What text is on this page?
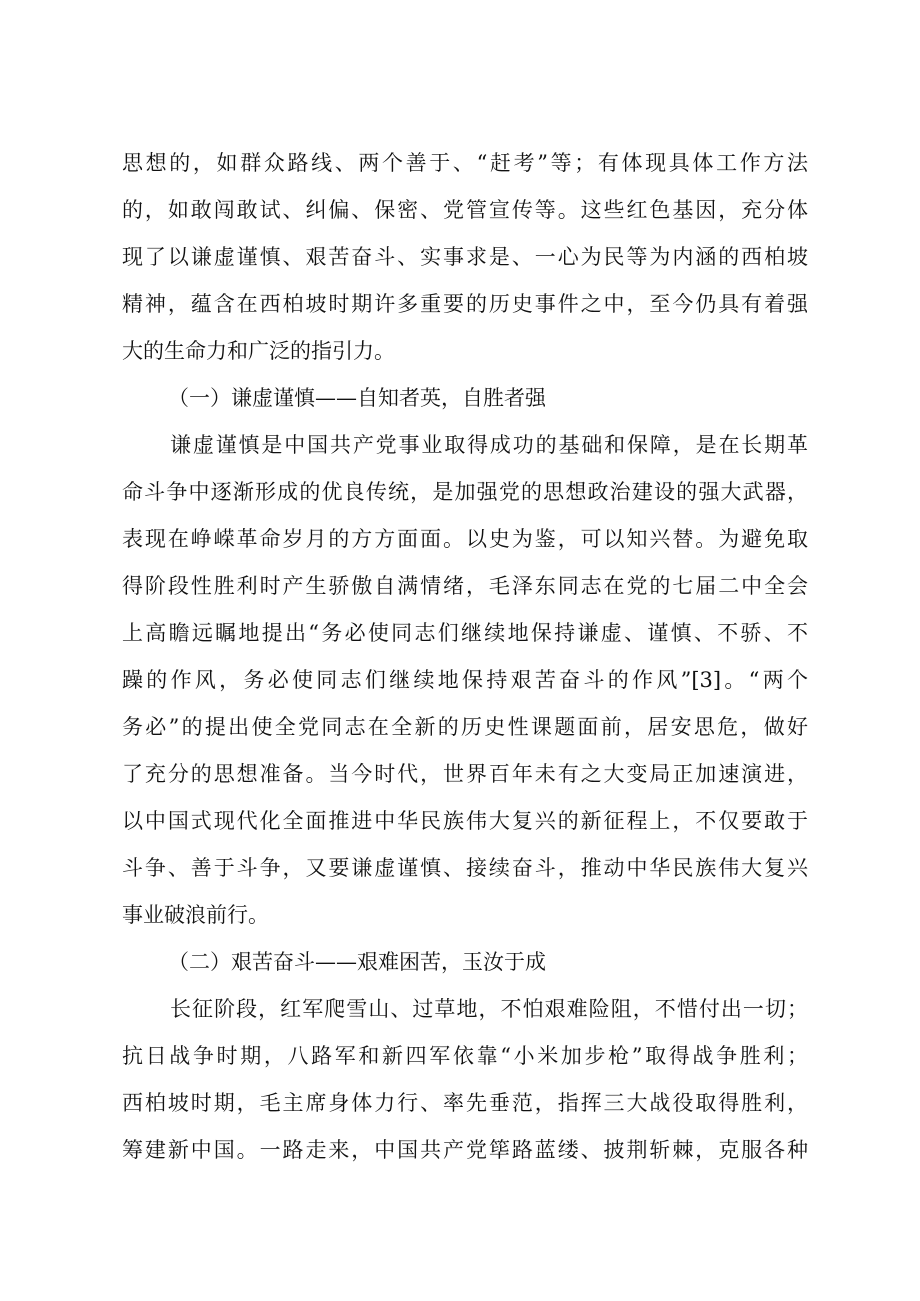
思想的，如群众路线、两个善于、“赶考”等；有体现具体工作方法
的，如敢闯敢试、纠偏、保密、党管宣传等。这些红色基因，充分体
现了以谦虚谨慎、艰苦奋斗、实事求是、一心为民等为内涵的西柏坡
精神，蕴含在西柏坡时期许多重要的历史事件之中，至今仍具有着强
大的生命力和广泛的指引力。
（一）谦虚谨慎——自知者英，自胜者强
谦虚谨慎是中国共产党事业取得成功的基础和保障，是在长期革
命斗争中逐渐形成的优良传统，是加强党的思想政治建设的强大武器，
表现在峥嵘革命岁月的方方面面。以史为鉴，可以知兴替。为避免取
得阶段性胜利时产生骄傲自满情绪，毛泽东同志在党的七届二中全会
上高瞻远瞩地提出“务必使同志们继续地保持谦虚、谨慎、不骄、不
躁的作风，务必使同志们继续地保持艰苦奋斗的作风”[3]。“两个
务必”的提出使全党同志在全新的历史性课题面前，居安思危，做好
了充分的思想准备。当今时代，世界百年未有之大变局正加速演进，
以中国式现代化全面推进中华民族伟大复兴的新征程上，不仅要敢于
斗争、善于斗争，又要谦虚谨慎、接续奋斗，推动中华民族伟大复兴
事业破浪前行。
（二）艰苦奋斗——艰难困苦，玉汝于成
长征阶段，红军爬雪山、过草地，不怕艰难险阻，不惜付出一切；
抗日战争时期，八路军和新四军依靠“小米加步枪”取得战争胜利；
西柏坡时期，毛主席身体力行、率先垂范，指挥三大战役取得胜利，
筹建新中国。一路走来，中国共产党筚路蓝缕、披荆斩棘，克服各种
